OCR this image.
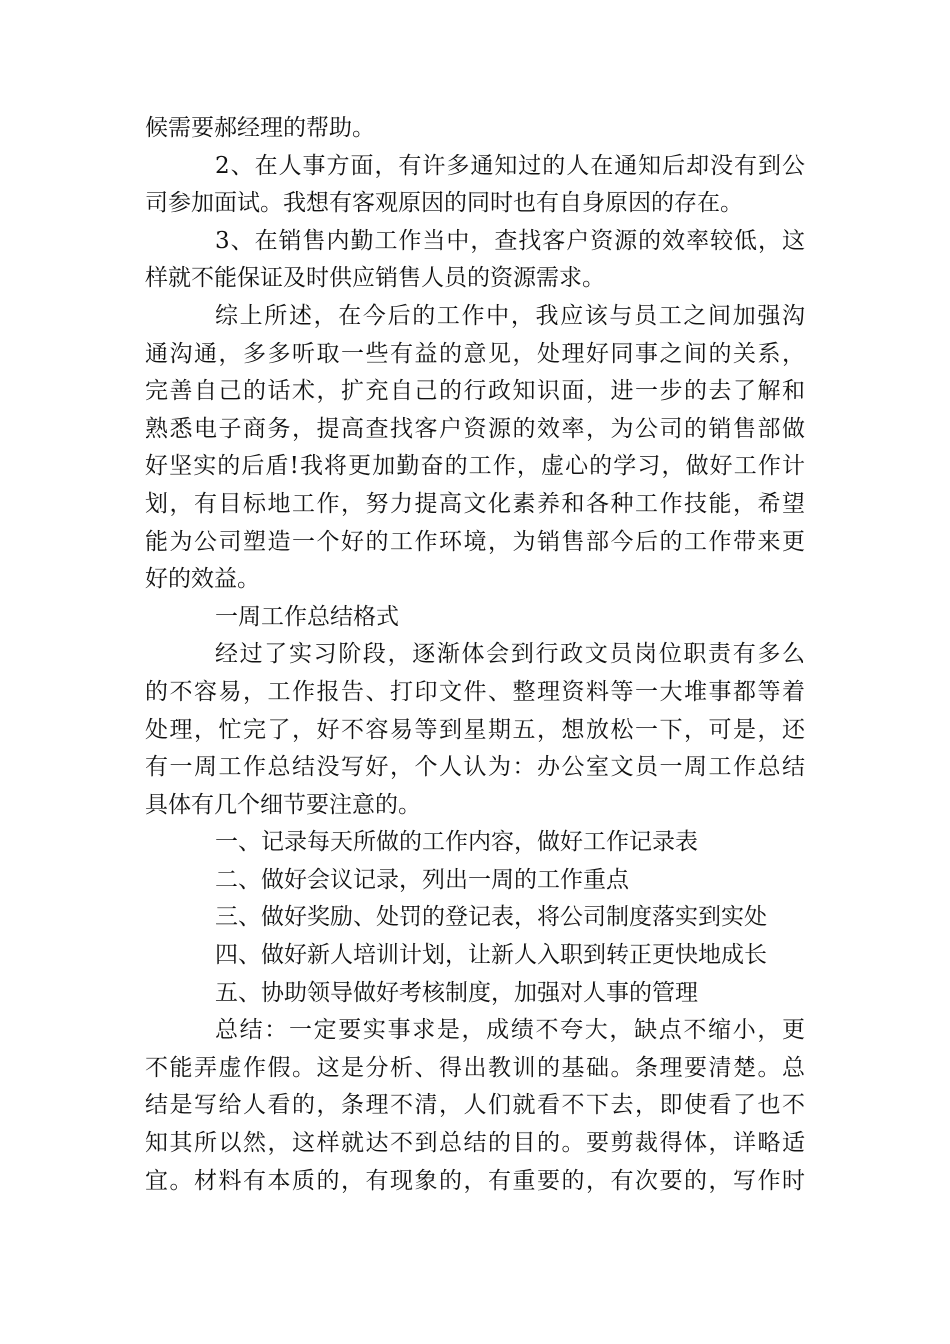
候需要郝经理的帮助。
2、在人事方面，有许多通知过的人在通知后却没有到公
司参加面试。我想有客观原因的同时也有自身原因的存在。
3、在销售内勤工作当中，查找客户资源的效率较低，这
样就不能保证及时供应销售人员的资源需求。
综上所述，在今后的工作中，我应该与员工之间加强沟
通沟通，多多听取一些有益的意见，处理好同事之间的关系，
完善自己的话术，扩充自己的行政知识面，进一步的去了解和
熟悉电子商务，提高查找客户资源的效率，为公司的销售部做
好坚实的后盾!我将更加勤奋的工作，虚心的学习，做好工作计
划，有目标地工作，努力提高文化素养和各种工作技能，希望
能为公司塑造一个好的工作环境，为销售部今后的工作带来更
好的效益。
一周工作总结格式
经过了实习阶段，逐渐体会到行政文员岗位职责有多么
的不容易，工作报告、打印文件、整理资料等一大堆事都等着
处理，忙完了，好不容易等到星期五，想放松一下，可是，还
有一周工作总结没写好，个人认为：办公室文员一周工作总结
具体有几个细节要注意的。
一、记录每天所做的工作内容，做好工作记录表
二、做好会议记录，列出一周的工作重点
三、做好奖励、处罚的登记表，将公司制度落实到实处
四、做好新人培训计划，让新人入职到转正更快地成长
五、协助领导做好考核制度，加强对人事的管理
总结：一定要实事求是，成绩不夸大，缺点不缩小，更
不能弄虚作假。这是分析、得出教训的基础。条理要清楚。总
结是写给人看的，条理不清，人们就看不下去，即使看了也不
知其所以然，这样就达不到总结的目的。要剪裁得体，详略适
宜。材料有本质的，有现象的，有重要的，有次要的，写作时
